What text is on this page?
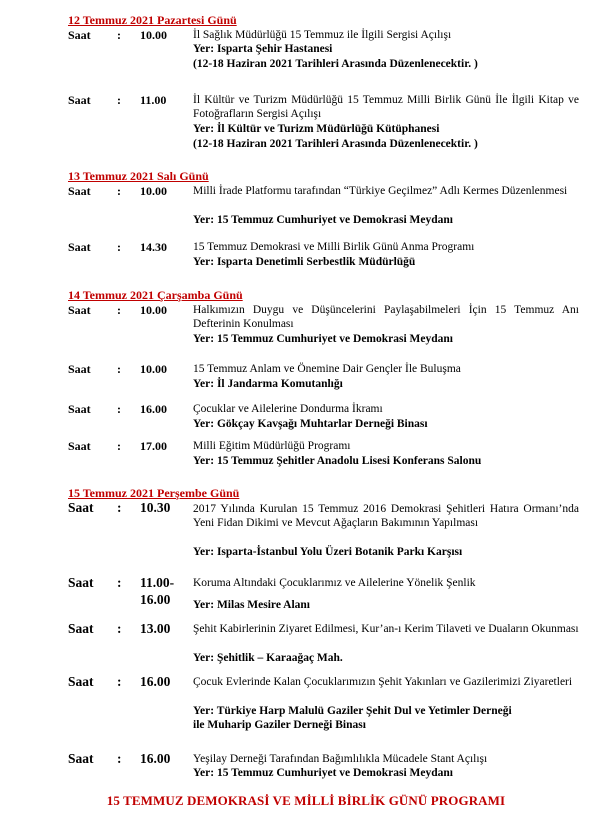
12 Temmuz 2021 Pazartesi Günü
Saat : 10.00 İl Sağlık Müdürlüğü 15 Temmuz ile İlgili Sergisi Açılışı
Yer: Isparta Şehir Hastanesi
(12-18 Haziran 2021 Tarihleri Arasında Düzenlenecektir. )
Saat : 11.00 İl Kültür ve Turizm Müdürlüğü 15 Temmuz Milli Birlik Günü İle İlgili Kitap ve Fotoğrafların Sergisi Açılışı
Yer: İl Kültür ve Turizm Müdürlüğü Kütüphanesi
(12-18 Haziran 2021 Tarihleri Arasında Düzenlenecektir. )
13 Temmuz 2021 Salı Günü
Saat : 10.00 Milli İrade Platformu tarafından “Türkiye Geçilmez” Adlı Kermes Düzenlenmesi
Yer: 15 Temmuz Cumhuriyet ve Demokrasi Meydanı
Saat : 14.30 15 Temmuz Demokrasi ve Milli Birlik Günü Anma Programı
Yer: Isparta Denetimli Serbestlik Müdürlüğü
14 Temmuz 2021 Çarşamba Günü
Saat : 10.00 Halkımızın Duygu ve Düşüncelerini Paylaşabilmeleri İçin 15 Temmuz Anı Defterinin Konulması
Yer: 15 Temmuz Cumhuriyet ve Demokrasi Meydanı
Saat : 10.00 15 Temmuz Anlam ve Önemine Dair Gençler İle Buluşma
Yer: İl Jandarma Komutanlığı
Saat : 16.00 Çocuklar ve Ailelerine Dondurma İkramı
Yer: Gökçay Kavşağı Muhtarlar Derneği Binası
Saat : 17.00 Milli Eğitim Müdürlüğü Programı
Yer: 15 Temmuz Şehitler Anadolu Lisesi Konferans Salonu
15 Temmuz 2021 Perşembe Günü
Saat : 10.30 2017 Yılında Kurulan 15 Temmuz 2016 Demokrasi Şehitleri Hatıra Ormanı’nda Yeni Fidan Dikimi ve Mevcut Ağaçların Bakımının Yapılması
Yer: Isparta-İstanbul Yolu Üzeri Botanik Parkı Karşısı
Saat : 11.00-
16.00
Koruma Altındaki Çocuklarımız ve Ailelerine Yönelik Şenlik
Yer: Milas Mesire Alanı
Saat : 13.00 Şehit Kabirlerinin Ziyaret Edilmesi, Kur’an-ı Kerim Tilaveti ve Duaların Okunması
Yer: Şehitlik – Karaağaç Mah.
Saat : 16.00 Çocuk Evlerinde Kalan Çocuklarımızın Şehit Yakınları ve Gazilerimizi Ziyaretleri
Yer: Türkiye Harp Malulü Gaziler Şehit Dul ve Yetimler Derneği
ile Muharip Gaziler Derneği Binası
Saat : 16.00 Yeşilay Derneği Tarafından Bağımlılıkla Mücadele Stant Açılışı
Yer: 15 Temmuz Cumhuriyet ve Demokrasi Meydanı
15 TEMMUZ DEMOKRASİ VE MİLLİ BİRLİK GÜNÜ PROGRAMI
